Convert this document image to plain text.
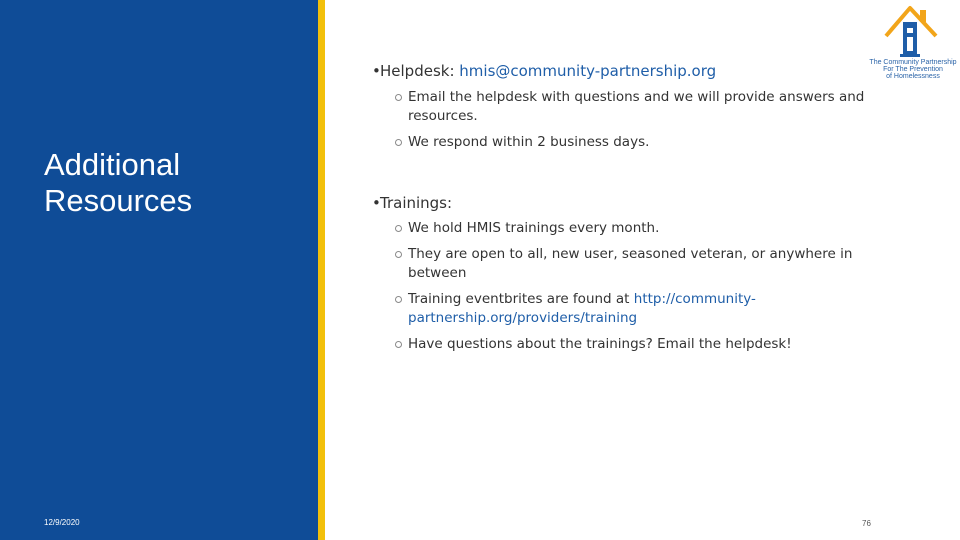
Additional
Resources
12/9/2020
•Helpdesk: hmis@community-partnership.org
Email the helpdesk with questions and we will provide answers and resources.
We respond within 2 business days.
•Trainings:
We hold HMIS trainings every month.
They are open to all, new user, seasoned veteran, or anywhere in between
Training eventbrites are found at http://community-partnership.org/providers/training
Have questions about the trainings? Email the helpdesk!
The Community Partnership
For The Prevention
of Homelessness
76
